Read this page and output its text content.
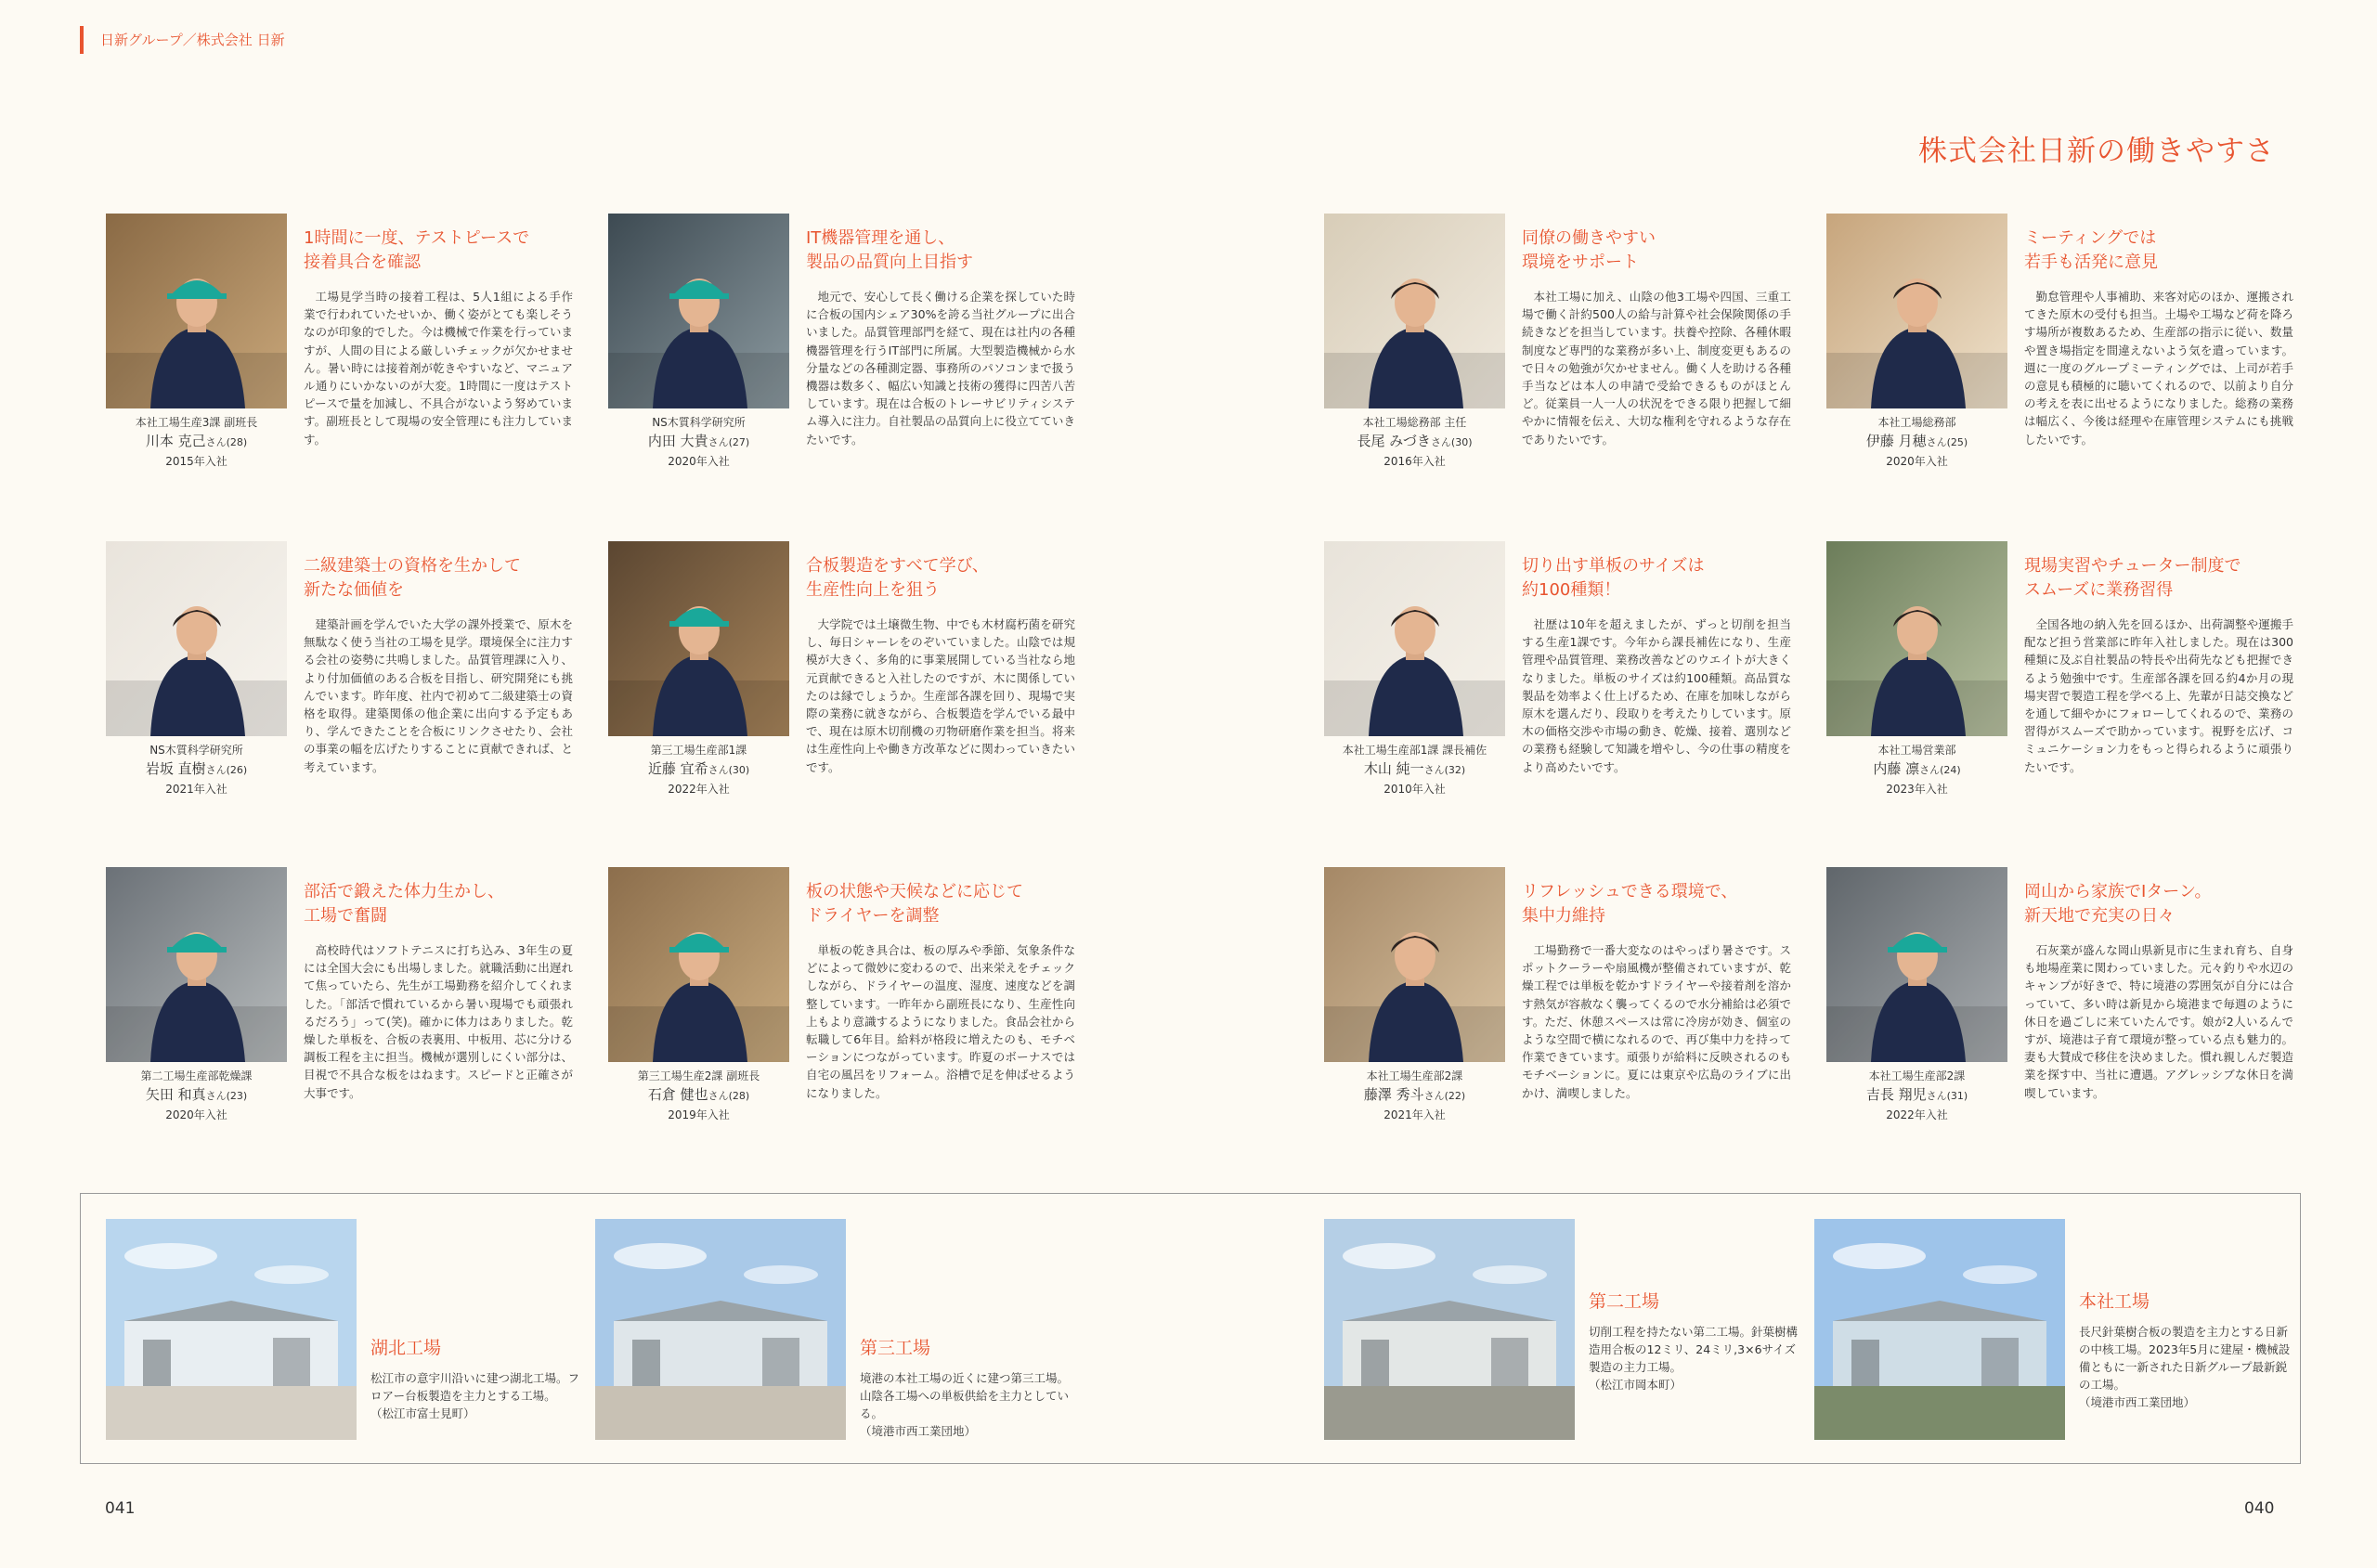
日新グループ／株式会社 日新
株式会社日新の働きやすさ
本社工場生産3課 副班長
川本 克己さん(28)
2015年入社
1時間に一度、テストピースで
接着具合を確認
工場見学当時の接着工程は、5人1組による手作業で行われていたせいか、働く姿がとても楽しそうなのが印象的でした。今は機械で作業を行っていますが、人間の目による厳しいチェックが欠かせません。暑い時には接着剤が乾きやすいなど、マニュアル通りにいかないのが大変。1時間に一度はテストピースで量を加減し、不具合がないよう努めています。副班長として現場の安全管理にも注力しています。
NS木質科学研究所
内田 大貴さん(27)
2020年入社
IT機器管理を通し、
製品の品質向上目指す
地元で、安心して長く働ける企業を探していた時に合板の国内シェア30%を誇る当社グループに出合いました。品質管理部門を経て、現在は社内の各種機器管理を行うIT部門に所属。大型製造機械から水分量などの各種測定器、事務所のパソコンまで扱う機器は数多く、幅広い知識と技術の獲得に四苦八苦しています。現在は合板のトレーサビリティシステム導入に注力。自社製品の品質向上に役立てていきたいです。
本社工場総務部 主任
長尾 みづきさん(30)
2016年入社
同僚の働きやすい
環境をサポート
本社工場に加え、山陰の他3工場や四国、三重工場で働く計約500人の給与計算や社会保険関係の手続きなどを担当しています。扶養や控除、各種休暇制度など専門的な業務が多い上、制度変更もあるので日々の勉強が欠かせません。働く人を助ける各種手当などは本人の申請で受給できるものがほとんど。従業員一人一人の状況をできる限り把握して細やかに情報を伝え、大切な権利を守れるような存在でありたいです。
本社工場総務部
伊藤 月穂さん(25)
2020年入社
ミーティングでは
若手も活発に意見
勤怠管理や人事補助、来客対応のほか、運搬されてきた原木の受付も担当。土場や工場など荷を降ろす場所が複数あるため、生産部の指示に従い、数量や置き場指定を間違えないよう気を遣っています。週に一度のグループミーティングでは、上司が若手の意見も積極的に聴いてくれるので、以前より自分の考えを表に出せるようになりました。総務の業務は幅広く、今後は経理や在庫管理システムにも挑戦したいです。
NS木質科学研究所
岩坂 直樹さん(26)
2021年入社
二級建築士の資格を生かして
新たな価値を
建築計画を学んでいた大学の課外授業で、原木を無駄なく使う当社の工場を見学。環境保全に注力する会社の姿勢に共鳴しました。品質管理課に入り、より付加価値のある合板を目指し、研究開発にも挑んでいます。昨年度、社内で初めて二級建築士の資格を取得。建築関係の他企業に出向する予定もあり、学んできたことを合板にリンクさせたり、会社の事業の幅を広げたりすることに貢献できれば、と考えています。
第三工場生産部1課
近藤 宜希さん(30)
2022年入社
合板製造をすべて学び、
生産性向上を狙う
大学院では土壌微生物、中でも木材腐朽菌を研究し、毎日シャーレをのぞいていました。山陰では規模が大きく、多角的に事業展開している当社なら地元貢献できると入社したのですが、木に関係していたのは縁でしょうか。生産部各課を回り、現場で実際の業務に就きながら、合板製造を学んでいる最中で、現在は原木切削機の刃物研磨作業を担当。将来は生産性向上や働き方改革などに関わっていきたいです。
本社工場生産部1課 課長補佐
木山 純一さん(32)
2010年入社
切り出す単板のサイズは
約100種類！
社歴は10年を超えましたが、ずっと切削を担当する生産1課です。今年から課長補佐になり、生産管理や品質管理、業務改善などのウエイトが大きくなりました。単板のサイズは約100種類。高品質な製品を効率よく仕上げるため、在庫を加味しながら原木を選んだり、段取りを考えたりしています。原木の価格交渉や市場の動き、乾燥、接着、選別などの業務も経験して知識を増やし、今の仕事の精度をより高めたいです。
本社工場営業部
内藤 凛さん(24)
2023年入社
現場実習やチューター制度で
スムーズに業務習得
全国各地の納入先を回るほか、出荷調整や運搬手配など担う営業部に昨年入社しました。現在は300種類に及ぶ自社製品の特長や出荷先なども把握できるよう勉強中です。生産部各課を回る約4か月の現場実習で製造工程を学べる上、先輩が日誌交換などを通して細やかにフォローしてくれるので、業務の習得がスムーズで助かっています。視野を広げ、コミュニケーション力をもっと得られるように頑張りたいです。
第二工場生産部乾燥課
矢田 和真さん(23)
2020年入社
部活で鍛えた体力生かし、
工場で奮闘
高校時代はソフトテニスに打ち込み、3年生の夏には全国大会にも出場しました。就職活動に出遅れて焦っていたら、先生が工場勤務を紹介してくれました。「部活で慣れているから暑い現場でも頑張れるだろう」って(笑)。確かに体力はありました。乾燥した単板を、合板の表裏用、中板用、芯に分ける調板工程を主に担当。機械が選別しにくい部分は、目視で不具合な板をはねます。スピードと正確さが大事です。
第三工場生産2課 副班長
石倉 健也さん(28)
2019年入社
板の状態や天候などに応じて
ドライヤーを調整
単板の乾き具合は、板の厚みや季節、気象条件などによって微妙に変わるので、出来栄えをチェックしながら、ドライヤーの温度、湿度、速度などを調整しています。一昨年から副班長になり、生産性向上もより意識するようになりました。食品会社から転職して6年目。給料が格段に増えたのも、モチベーションにつながっています。昨夏のボーナスでは自宅の風呂をリフォーム。浴槽で足を伸ばせるようになりました。
本社工場生産部2課
藤澤 秀斗さん(22)
2021年入社
リフレッシュできる環境で、
集中力維持
工場勤務で一番大変なのはやっぱり暑さです。スポットクーラーや扇風機が整備されていますが、乾燥工程では単板を乾かすドライヤーや接着剤を溶かす熱気が容赦なく襲ってくるので水分補給は必須です。ただ、休憩スペースは常に冷房が効き、個室のような空間で横になれるので、再び集中力を持って作業できています。頑張りが給料に反映されるのもモチベーションに。夏には東京や広島のライブに出かけ、満喫しました。
本社工場生産部2課
吉長 翔児さん(31)
2022年入社
岡山から家族でIターン。
新天地で充実の日々
石灰業が盛んな岡山県新見市に生まれ育ち、自身も地場産業に関わっていました。元々釣りや水辺のキャンプが好きで、特に境港の雰囲気が自分には合っていて、多い時は新見から境港まで毎週のように休日を過ごしに来ていたんです。娘が2人いるんですが、境港は子育て環境が整っている点も魅力的。妻も大賛成で移住を決めました。慣れ親しんだ製造業を探す中、当社に遭遇。アグレッシブな休日を満喫しています。
湖北工場
松江市の意宇川沿いに建つ湖北工場。フロアー台板製造を主力とする工場。
（松江市富士見町）
第三工場
境港の本社工場の近くに建つ第三工場。山陰各工場への単板供給を主力としている。
（境港市西工業団地）
第二工場
切削工程を持たない第二工場。針葉樹構造用合板の12ミリ、24ミリ,3×6サイズ製造の主力工場。
（松江市岡本町）
本社工場
長尺針葉樹合板の製造を主力とする日新の中核工場。2023年5月に建屋・機械設備ともに一新された日新グループ最新鋭の工場。
（境港市西工業団地）
041	040
